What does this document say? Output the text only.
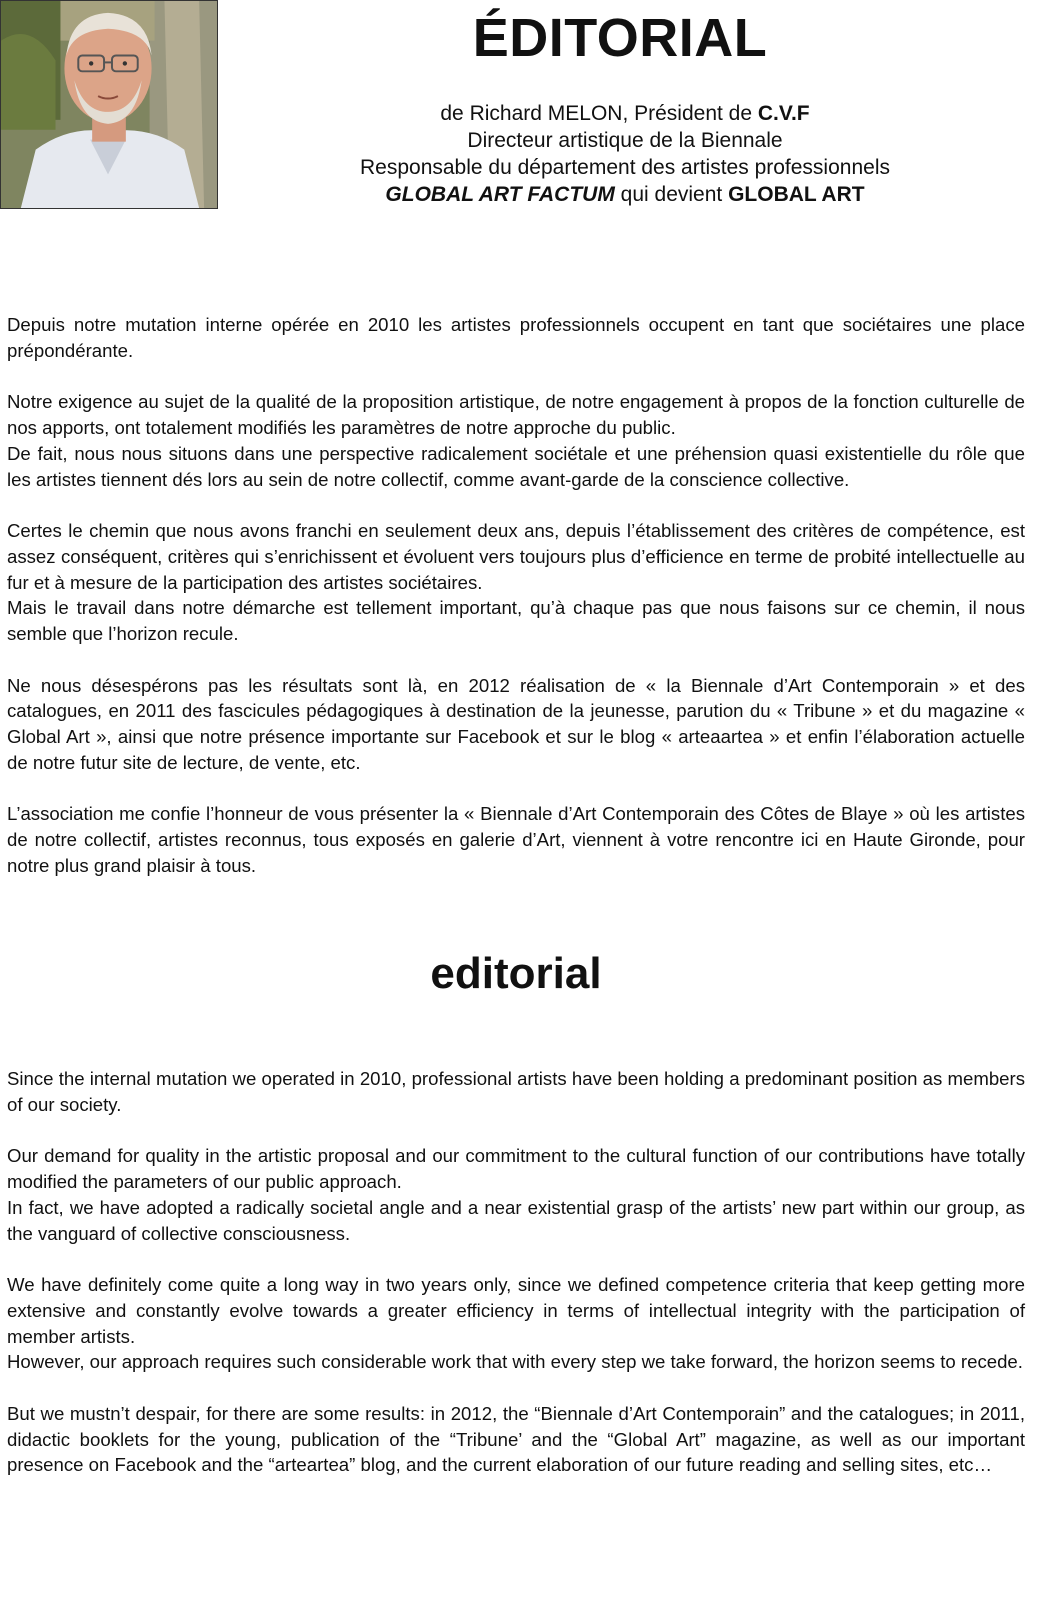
ÉDITORIAL
de Richard MELON, Président de C.V.F
Directeur artistique de la Biennale
Responsable du département des artistes professionnels
GLOBAL ART FACTUM qui devient GLOBAL ART

Depuis notre mutation interne opérée en 2010 les artistes professionnels occupent en tant que sociétaires une place prépondérante.

Notre exigence au sujet de la qualité de la proposition artistique, de notre engagement à propos de la fonction culturelle de nos apports, ont totalement modifiés les paramètres de notre approche du public.
De fait, nous nous situons dans une perspective radicalement sociétale et une préhension quasi existentielle du rôle que les artistes tiennent dés lors au sein de notre collectif, comme avant-garde de la conscience collective.

Certes le chemin que nous avons franchi en seulement deux ans, depuis l’établissement des critères de compétence, est assez conséquent, critères qui s’enrichissent et évoluent vers toujours plus d’efficience en terme de probité intellectuelle au fur et à mesure de la participation des artistes sociétaires.
Mais le travail dans notre démarche est tellement important, qu’à chaque pas que nous faisons sur ce chemin, il nous semble que l’horizon recule.

Ne nous désespérons pas les résultats sont là, en 2012 réalisation de « la Biennale d’Art Contemporain » et des catalogues, en 2011 des fascicules pédagogiques à destination de la jeunesse, parution du « Tribune » et du magazine « Global Art », ainsi que notre présence importante sur Facebook et sur le blog « arteaartea » et enfin l’élaboration actuelle de notre futur site de lecture, de vente, etc.

L’association me confie l’honneur de vous présenter la « Biennale d’Art Contemporain des Côtes de Blaye » où les artistes de notre collectif, artistes reconnus, tous exposés en galerie d’Art, viennent à votre rencontre ici en Haute Gironde, pour notre plus grand plaisir à tous.

editorial

Since the internal mutation we operated in 2010, professional artists have been holding a predominant position as members of our society.

Our demand for quality in the artistic proposal and our commitment to the cultural function of our contributions have totally modified the parameters of our public approach.
In fact, we have adopted a radically societal angle and a near existential grasp of the artists’ new part within our group, as the vanguard of collective consciousness.

We have definitely come quite a long way in two years only, since we defined competence criteria that keep getting more extensive and constantly evolve towards a greater efficiency in terms of intellectual integrity with the participation of member artists.
However, our approach requires such considerable work that with every step we take forward, the horizon seems to recede.

But we mustn’t despair, for there are some results: in 2012, the “Biennale d’Art Contemporain” and the catalogues; in 2011, didactic booklets for the young, publication of the “Tribune’ and the “Global Art” magazine, as well as our important presence on Facebook and the “arteartea” blog, and the current elaboration of our future reading and selling sites, etc…
